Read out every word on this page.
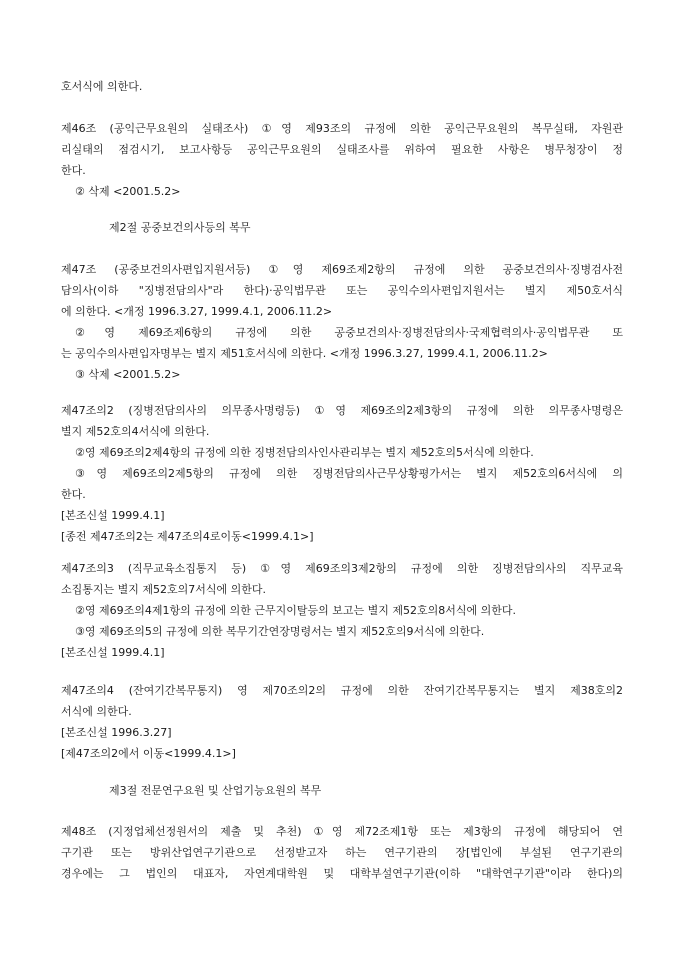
호서식에 의한다.
제46조 (공익근무요원의 실태조사) ①영 제93조의 규정에 의한 공익근무요원의 복무실태, 자원관
리실태의 점검시기, 보고사항등 공익근무요원의 실태조사를 위하여 필요한 사항은 병무청장이 정
한다.
② 삭제 <2001.5.2>
제2절 공중보건의사등의 복무
제47조 (공중보건의사편입지원서등) ①영 제69조제2항의 규정에 의한 공중보건의사·징병검사전
담의사(이하 "징병전담의사"라 한다)·공익법무관 또는 공익수의사편입지원서는 별지 제50호서식
에 의한다. <개정 1996.3.27, 1999.4.1, 2006.11.2>
②영 제69조제6항의 규정에 의한 공중보건의사·징병전담의사·국제협력의사·공익법무관 또
는 공익수의사편입자명부는 별지 제51호서식에 의한다. <개정 1996.3.27, 1999.4.1, 2006.11.2>
③ 삭제 <2001.5.2>
제47조의2 (징병전담의사의 의무종사명령등) ①영 제69조의2제3항의 규정에 의한 의무종사명령은
별지 제52호의4서식에 의한다.
②영 제69조의2제4항의 규정에 의한 징병전담의사인사관리부는 별지 제52호의5서식에 의한다.
③영 제69조의2제5항의 규정에 의한 징병전담의사근무상황평가서는 별지 제52호의6서식에 의
한다.
[본조신설 1999.4.1]
[종전 제47조의2는 제47조의4로이동<1999.4.1>]
제47조의3 (직무교육소집통지 등) ①영 제69조의3제2항의 규정에 의한 징병전담의사의 직무교육
소집통지는 별지 제52호의7서식에 의한다.
②영 제69조의4제1항의 규정에 의한 근무지이탈등의 보고는 별지 제52호의8서식에 의한다.
③영 제69조의5의 규정에 의한 복무기간연장명령서는 별지 제52호의9서식에 의한다.
[본조신설 1999.4.1]
제47조의4 (잔여기간복무통지) 영 제70조의2의 규정에 의한 잔여기간복무통지는 별지 제38호의2
서식에 의한다.
[본조신설 1996.3.27]
[제47조의2에서 이동<1999.4.1>]
제3절 전문연구요원 및 산업기능요원의 복무
제48조 (지정업체선정원서의 제출 및 추천) ①영 제72조제1항 또는 제3항의 규정에 해당되어 연
구기관 또는 방위산업연구기관으로 선정받고자 하는 연구기관의 장[법인에 부설된 연구기관의
경우에는 그 법인의 대표자, 자연계대학원 및 대학부설연구기관(이하 "대학연구기관"이라 한다)의
